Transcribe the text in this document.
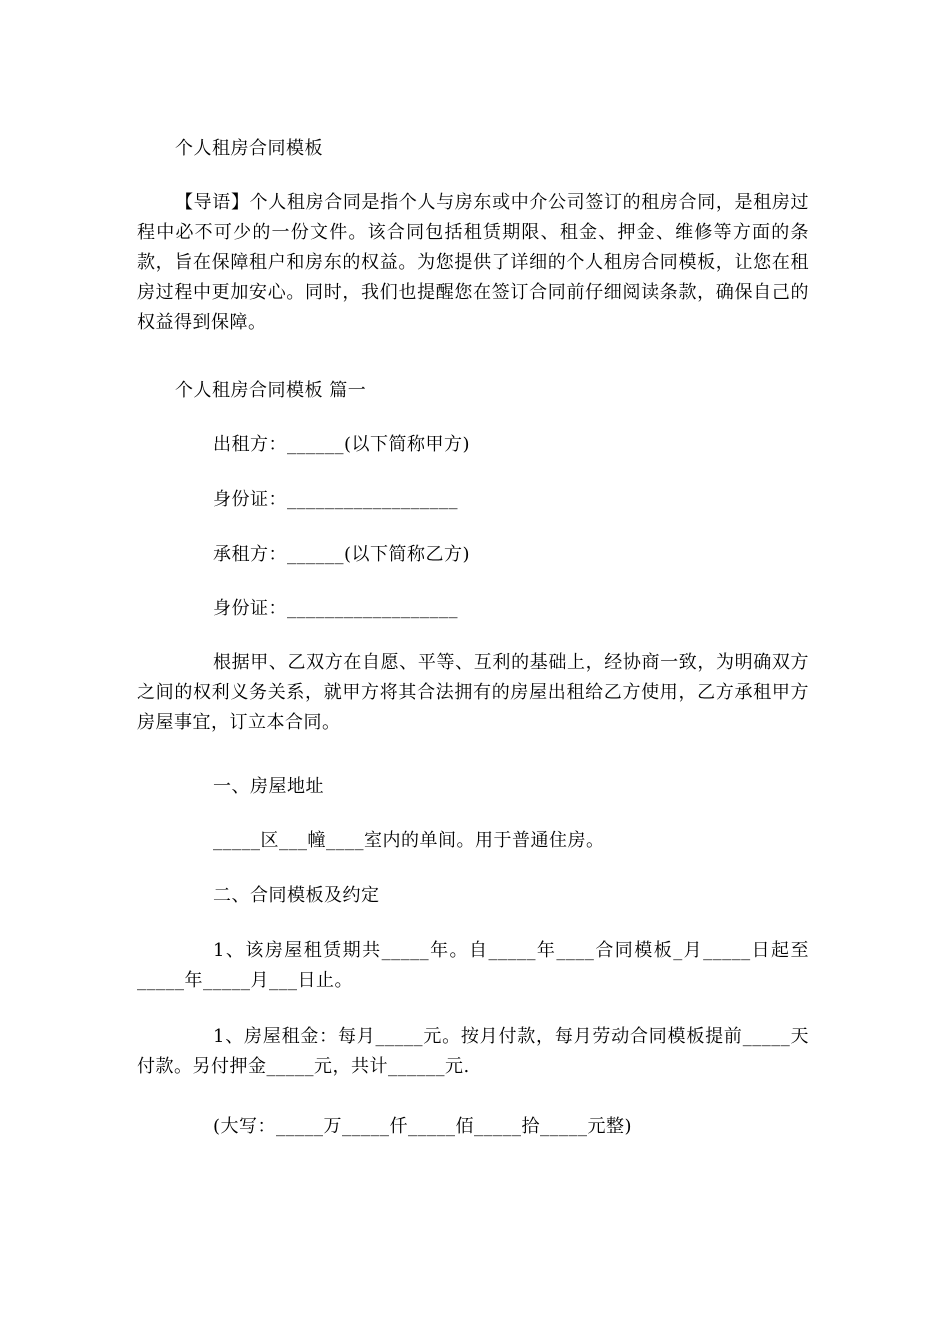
个人租房合同模板
【导语】个人租房合同是指个人与房东或中介公司签订的租房合同，是租房过程中必不可少的一份文件。该合同包括租赁期限、租金、押金、维修等方面的条款，旨在保障租户和房东的权益。为您提供了详细的个人租房合同模板，让您在租房过程中更加安心。同时，我们也提醒您在签订合同前仔细阅读条款，确保自己的权益得到保障。
个人租房合同模板 篇一
出租方：______(以下简称甲方)
身份证：__________________
承租方：______(以下简称乙方)
身份证：__________________
根据甲、乙双方在自愿、平等、互利的基础上，经协商一致，为明确双方之间的权利义务关系，就甲方将其合法拥有的房屋出租给乙方使用，乙方承租甲方房屋事宜，订立本合同。
一、房屋地址
_____区___幢____室内的单间。用于普通住房。
二、合同模板及约定
1、该房屋租赁期共_____年。自_____年____合同模板_月_____日起至_____年_____月___日止。
1、房屋租金：每月_____元。按月付款，每月劳动合同模板提前_____天付款。另付押金_____元，共计______元.
(大写：_____万_____仟_____佰_____拾_____元整)
